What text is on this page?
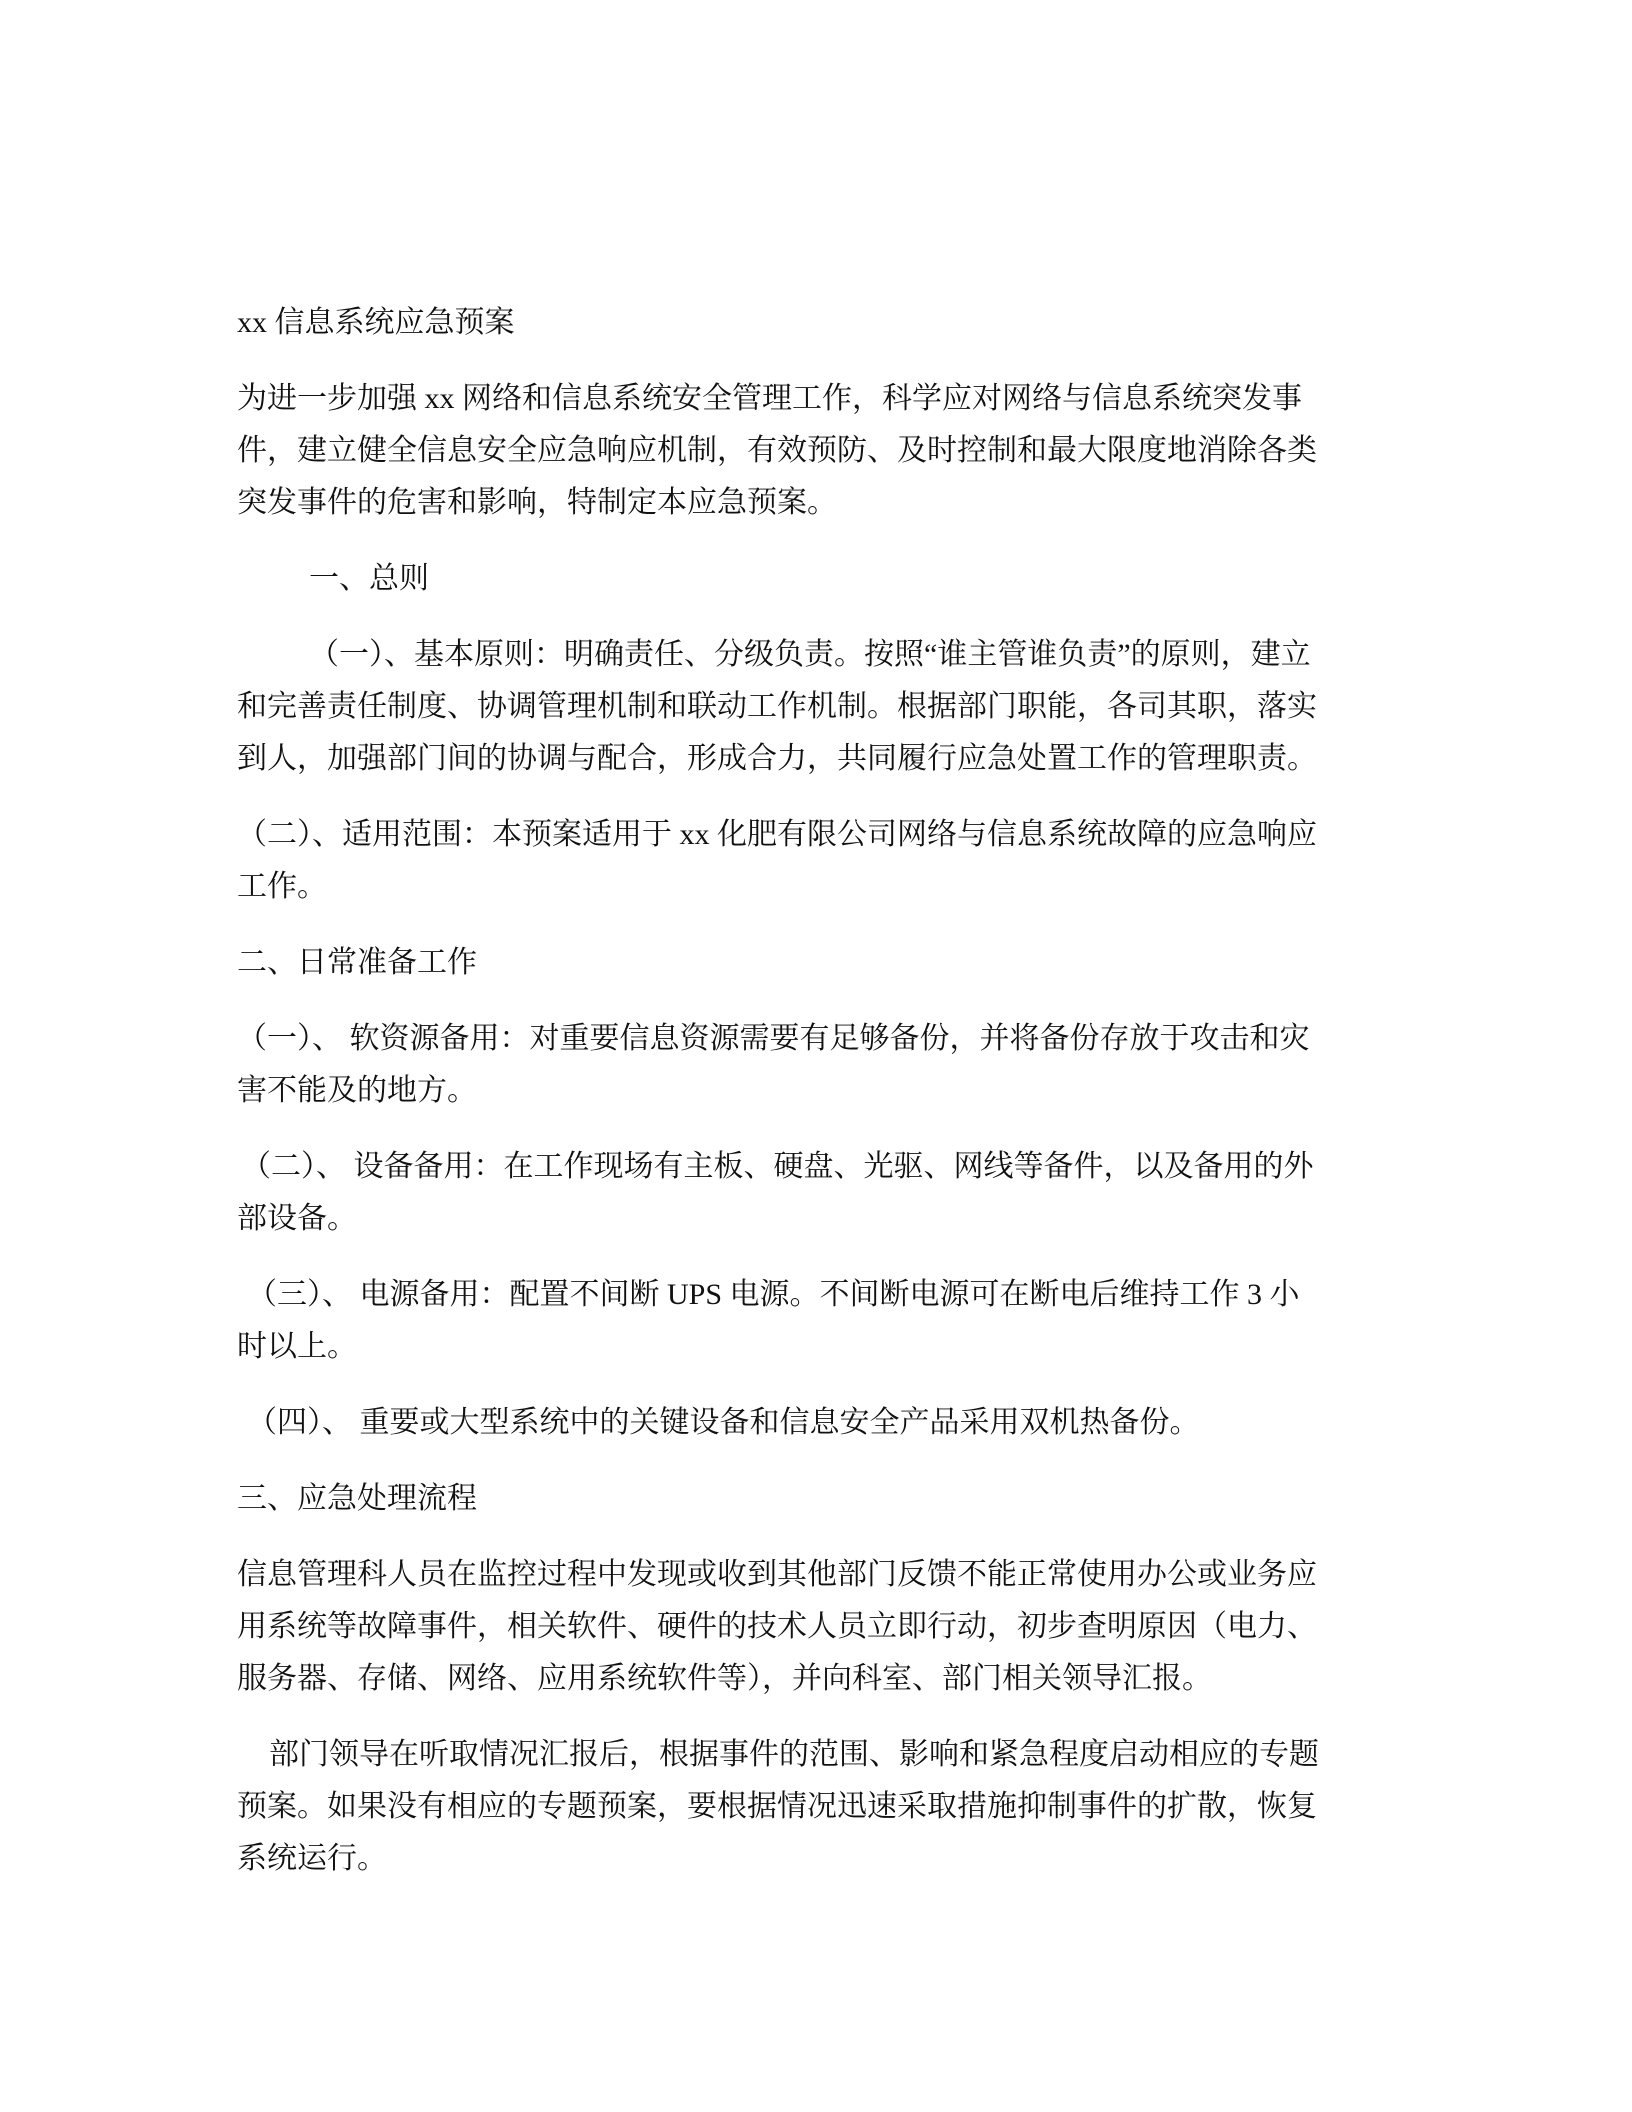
xx 信息系统应急预案
为进一步加强 xx 网络和信息系统安全管理工作，科学应对网络与信息系统突发事
件，建立健全信息安全应急响应机制，有效预防、及时控制和最大限度地消除各类
突发事件的危害和影响，特制定本应急预案。
一、总则
（一）、基本原则：明确责任、分级负责。按照“谁主管谁负责”的原则，建立
和完善责任制度、协调管理机制和联动工作机制。根据部门职能，各司其职，落实
到人，加强部门间的协调与配合，形成合力，共同履行应急处置工作的管理职责。
（二）、适用范围：本预案适用于 xx 化肥有限公司网络与信息系统故障的应急响应
工作。
二、日常准备工作
（一）、 软资源备用：对重要信息资源需要有足够备份，并将备份存放于攻击和灾
害不能及的地方。
（二）、 设备备用：在工作现场有主板、硬盘、光驱、网线等备件，以及备用的外
部设备。
（三）、 电源备用：配置不间断 UPS 电源。不间断电源可在断电后维持工作 3 小
时以上。
（四）、 重要或大型系统中的关键设备和信息安全产品采用双机热备份。
三、应急处理流程
信息管理科人员在监控过程中发现或收到其他部门反馈不能正常使用办公或业务应
用系统等故障事件，相关软件、硬件的技术人员立即行动，初步查明原因（电力、
服务器、存储、网络、应用系统软件等），并向科室、部门相关领导汇报。
部门领导在听取情况汇报后，根据事件的范围、影响和紧急程度启动相应的专题
预案。如果没有相应的专题预案，要根据情况迅速采取措施抑制事件的扩散，恢复
系统运行。
